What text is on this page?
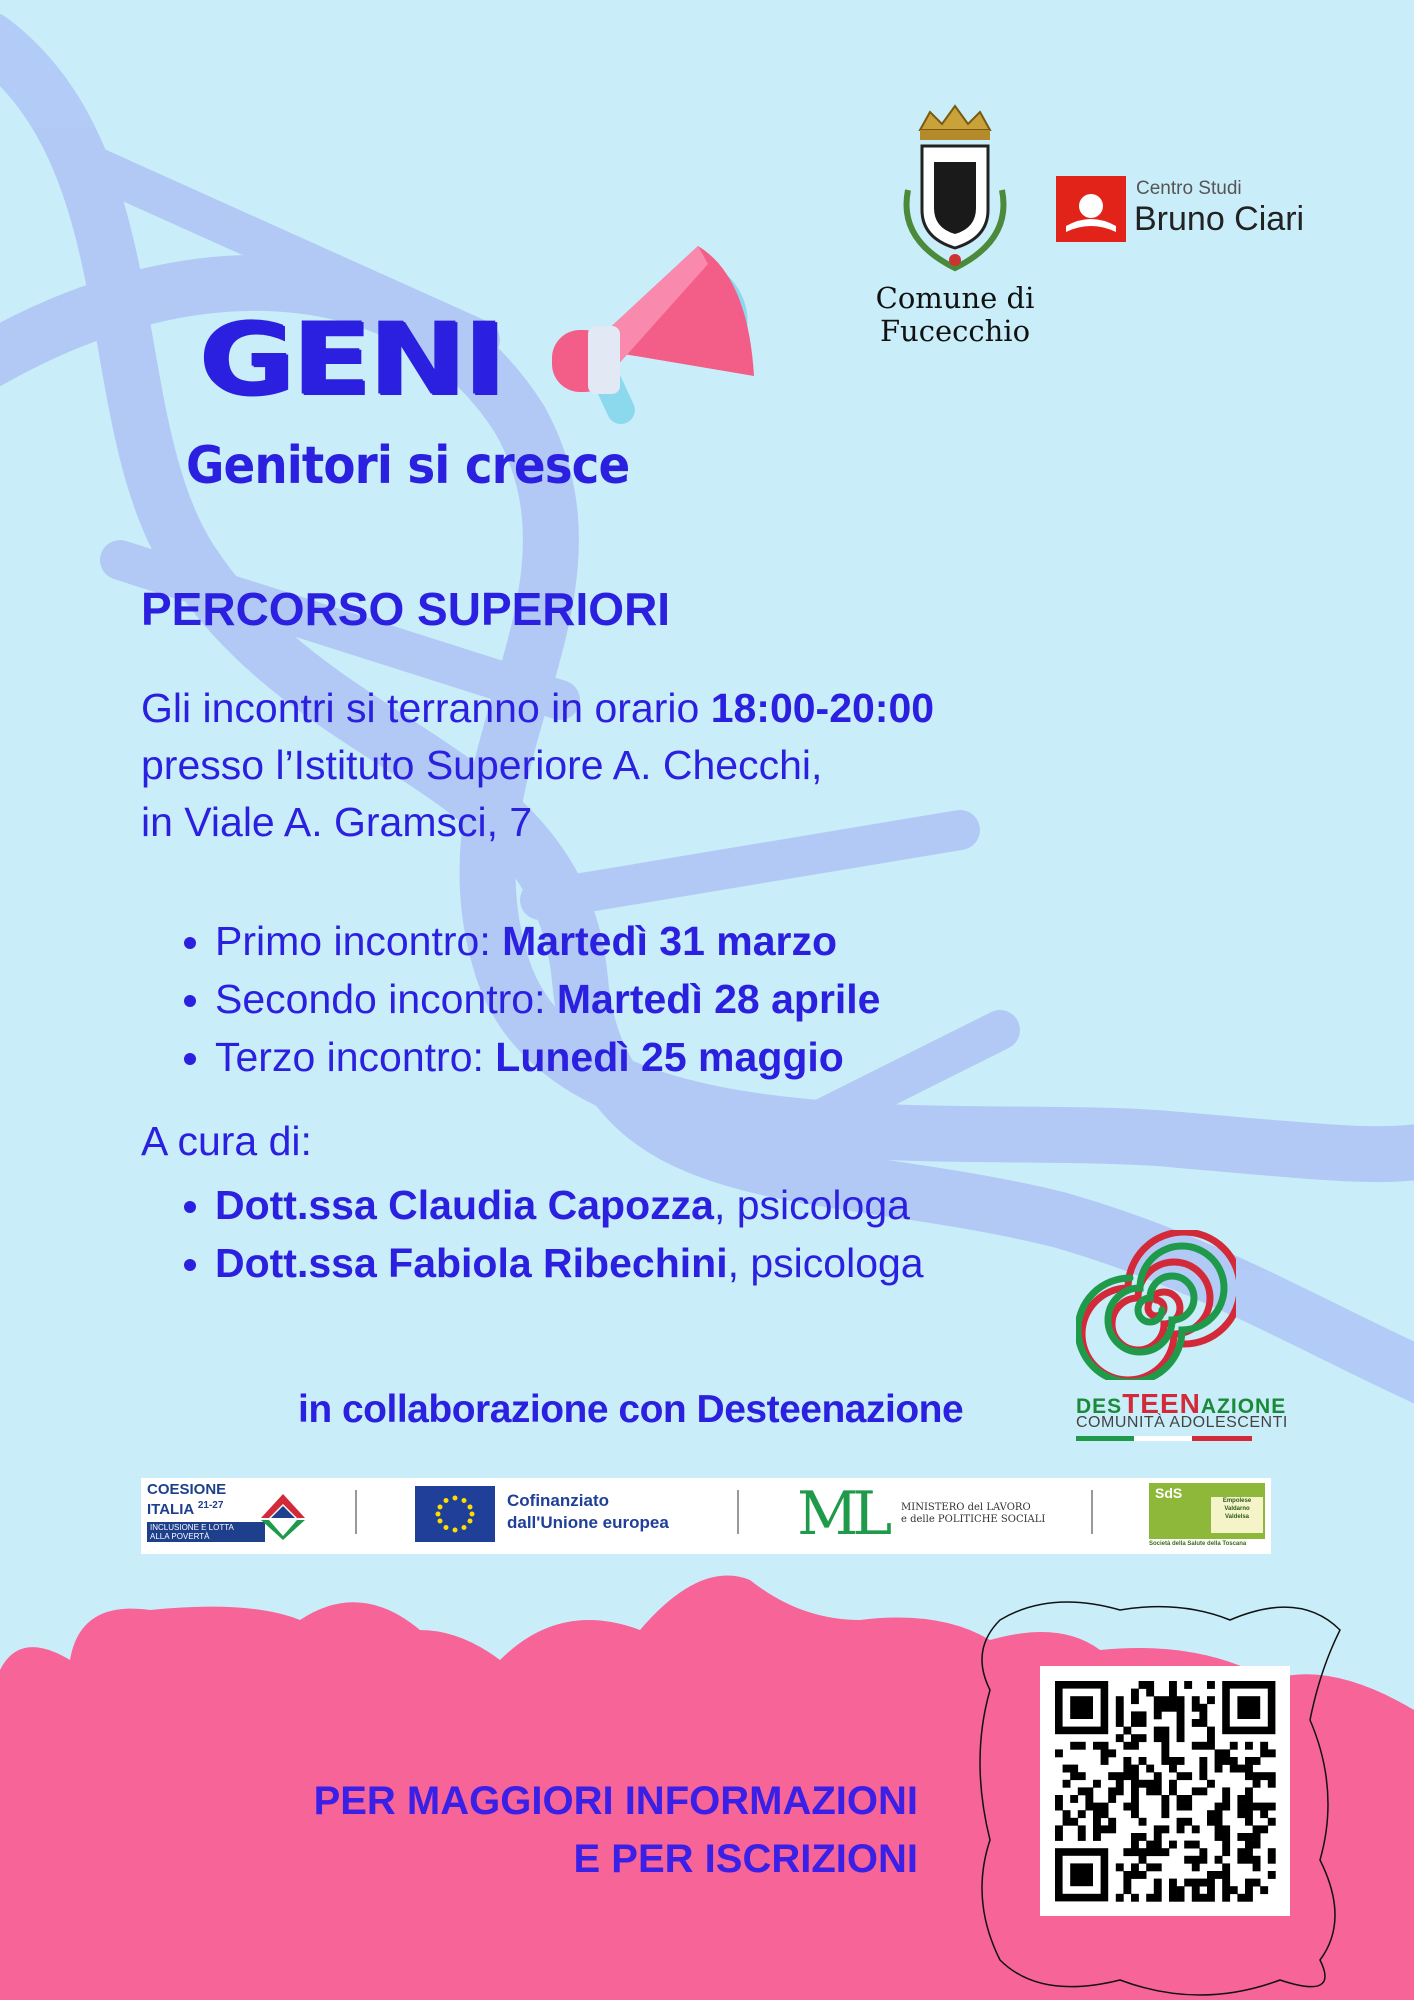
Comune di
Fucecchio
Centro Studi
Bruno Ciari
GENI
Genitori si cresce
PERCORSO SUPERIORI
Gli incontri si terranno in orario 18:00-20:00
presso l’Istituto Superiore A. Checchi,
in Viale A. Gramsci, 7
• Primo incontro: Martedì 31 marzo
• Secondo incontro: Martedì 28 aprile
• Terzo incontro: Lunedì 25 maggio
A cura di:
• Dott.ssa Claudia Capozza, psicologa
• Dott.ssa Fabiola Ribechini, psicologa
DESTEENAZIONE
COMUNITÀ ADOLESCENTI
in collaborazione con Desteenazione
COESIONE
ITALIA $^{21-27}$
INCLUSIONE E LOTTA
ALLA POVERTÀ
Cofinanziato
dall'Unione europea ML MINISTERO del LAVORO
e delle POLITICHE SOCIALI
SdS	Empolese
Valdarno
Valdelsa
Società della Salute della Toscana
PER MAGGIORI INFORMAZIONI
E PER ISCRIZIONI
